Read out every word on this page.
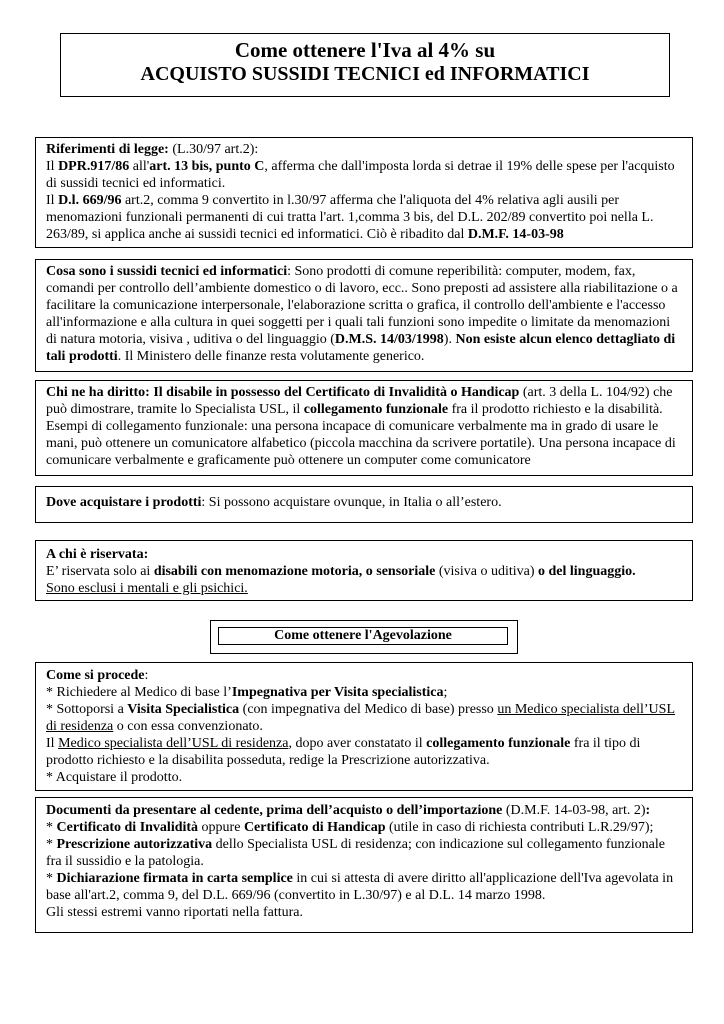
Come ottenere l'Iva al 4% su
ACQUISTO SUSSIDI TECNICI ed INFORMATICI

Riferimenti di legge: (L.30/97 art.2):

Il DPR.917/86 all'art. 13 bis, punto C, afferma che dall'imposta lorda si detrae il 19% delle spese per l'acquisto di sussidi tecnici ed informatici.

Il D.l. 669/96 art.2, comma 9 convertito in l.30/97 afferma che l'aliquota del 4% relativa agli ausili per menomazioni funzionali permanenti di cui tratta l'art. 1,comma 3 bis, del D.L. 202/89 convertito poi nella L. 263/89, si applica anche ai sussidi tecnici ed informatici. Ciò è ribadito dal D.M.F. 14-03-98

Cosa sono i sussidi tecnici ed informatici: Sono prodotti di comune reperibilità: computer, modem, fax, comandi per controllo dell’ambiente domestico o di lavoro, ecc.. Sono preposti ad assistere alla riabilitazione o a facilitare la comunicazione interpersonale, l'elaborazione scritta o grafica, il controllo dell'ambiente e l'accesso all'informazione e alla cultura in quei soggetti per i quali tali funzioni sono impedite o limitate da menomazioni di natura motoria, visiva , uditiva o del linguaggio (D.M.S. 14/03/1998). Non esiste alcun elenco dettagliato di tali prodotti. Il Ministero delle finanze resta volutamente generico.

Chi ne ha diritto: Il disabile in possesso del Certificato di Invalidità o Handicap (art. 3 della L. 104/92) che può dimostrare, tramite lo Specialista USL, il collegamento funzionale fra il prodotto richiesto e la disabilità. Esempi di collegamento funzionale: una persona incapace di comunicare verbalmente ma in grado di usare le mani, può ottenere un comunicatore alfabetico (piccola macchina da scrivere portatile). Una persona incapace di comunicare verbalmente e graficamente può ottenere un computer come comunicatore

Dove acquistare i prodotti: Si possono acquistare ovunque, in Italia o all’estero.

A chi è riservata:

E’ riservata solo ai disabili con menomazione motoria, o sensoriale (visiva o uditiva) o del linguaggio.

Sono esclusi i mentali e gli psichici.

Come ottenere l'Agevolazione

Come si procede:

* Richiedere al Medico di base l’Impegnativa per Visita specialistica;

* Sottoporsi a Visita Specialistica (con impegnativa del Medico di base) presso un Medico specialista dell’USL di residenza o con essa convenzionato.

Il Medico specialista dell’USL di residenza, dopo aver constatato il collegamento funzionale fra il tipo di prodotto richiesto e la disabilita posseduta, redige la Prescrizione autorizzativa.

* Acquistare il prodotto.

Documenti da presentare al cedente, prima dell’acquisto o dell’importazione (D.M.F. 14-03-98, art. 2):

* Certificato di Invalidità oppure Certificato di Handicap (utile in caso di richiesta contributi L.R.29/97);

* Prescrizione autorizzativa dello Specialista USL di residenza; con indicazione sul collegamento funzionale fra il sussidio e la patologia.

* Dichiarazione firmata in carta semplice in cui si attesta di avere diritto all'applicazione dell'Iva agevolata in base all'art.2, comma 9, del D.L. 669/96 (convertito in L.30/97) e al D.L. 14 marzo 1998.

Gli stessi estremi vanno riportati nella fattura.
